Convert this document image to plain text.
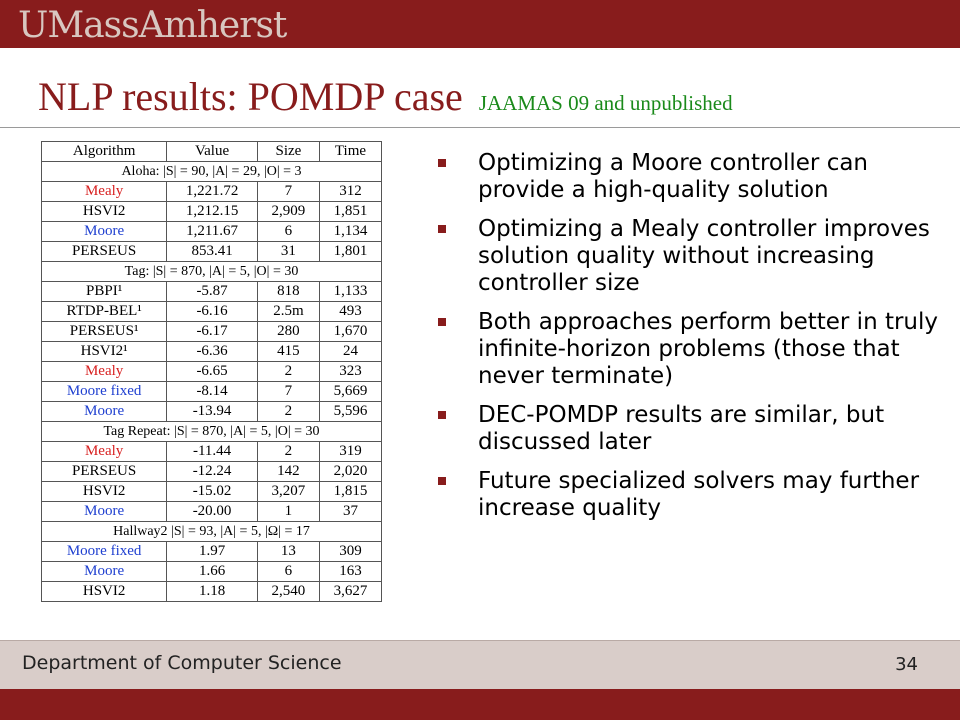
UMassAmherst
NLP results: POMDP case JAAMAS 09 and unpublished
Algorithm	Value	Size	Time
Aloha: |S| = 90, |A| = 29, |O| = 3			
Mealy	1,221.72	7	312
HSVI2	1,212.15	2,909	1,851
Moore	1,211.67	6	1,134
PERSEUS	853.41	31	1,801
Tag: |S| = 870, |A| = 5, |O| = 30			
PBPI¹	-5.87	818	1,133
RTDP-BEL¹	-6.16	2.5m	493
PERSEUS¹	-6.17	280	1,670
HSVI2¹	-6.36	415	24
Mealy	-6.65	2	323
Moore fixed	-8.14	7	5,669
Moore	-13.94	2	5,596
Tag Repeat: |S| = 870, |A| = 5, |O| = 30			
Mealy	-11.44	2	319
PERSEUS	-12.24	142	2,020
HSVI2	-15.02	3,207	1,815
Moore	-20.00	1	37
Hallway2 |S| = 93, |A| = 5, |Ω| = 17			
Moore fixed	1.97	13	309
Moore	1.66	6	163
HSVI2	1.18	2,540	3,627
Optimizing a Moore controller can provide a high-quality solution
Optimizing a Mealy controller improves solution quality without increasing controller size
Both approaches perform better in truly infinite-horizon problems (those that never terminate)
DEC-POMDP results are similar, but discussed later
Future specialized solvers may further increase quality
Department of Computer Science	34
